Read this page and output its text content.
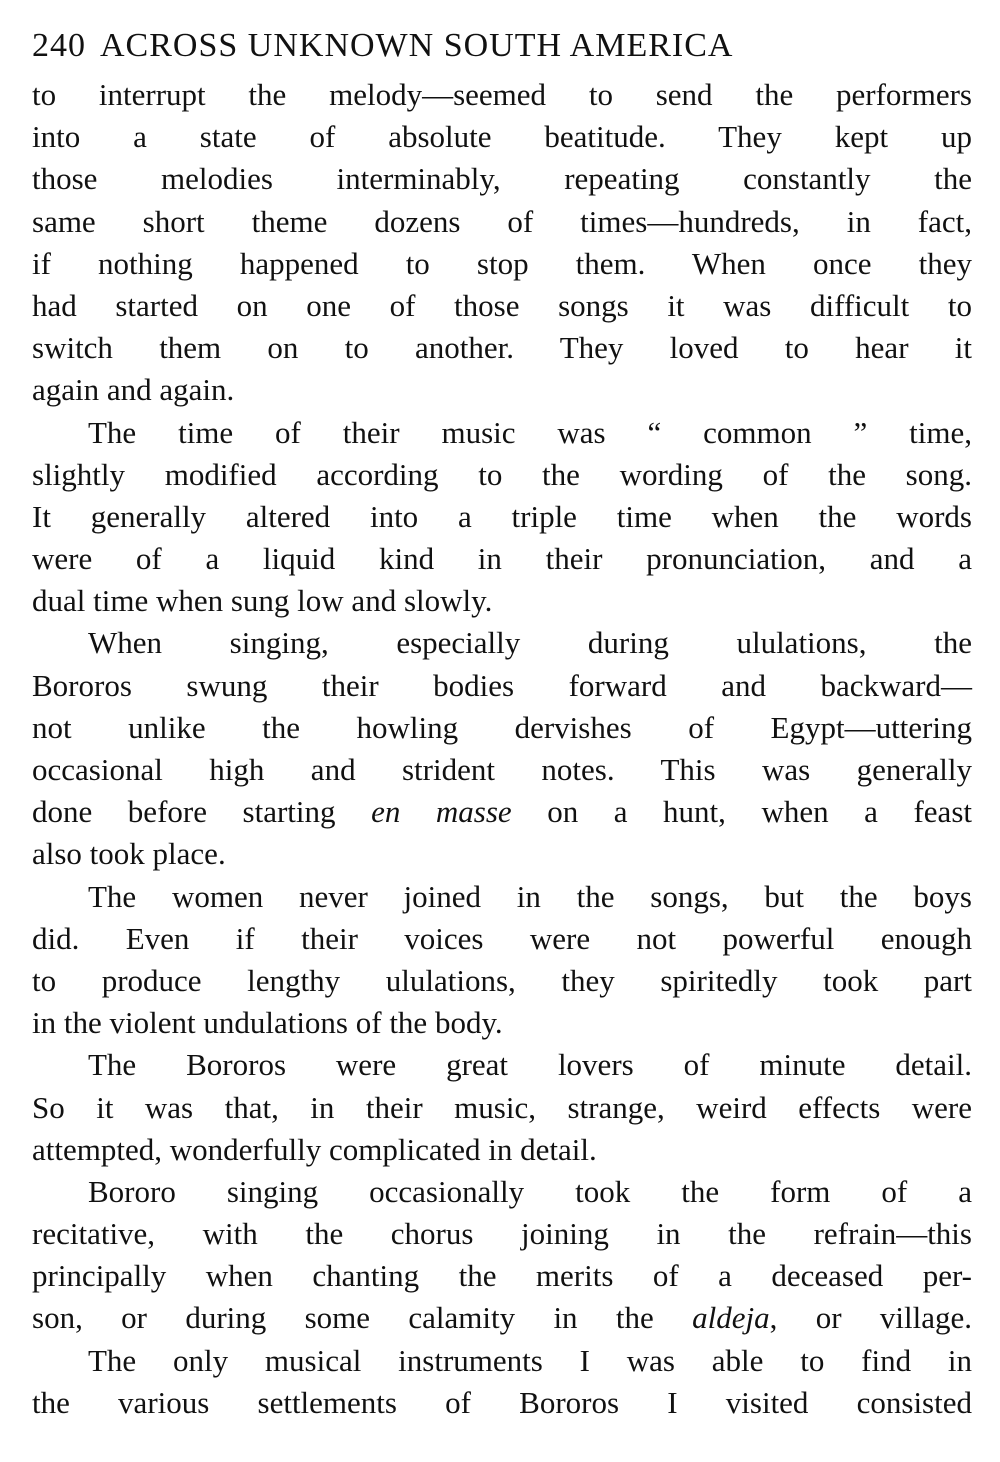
240 ACROSS UNKNOWN SOUTH AMERICA
to interrupt the melody—seemed to send the performers
into a state of absolute beatitude. They kept up
those melodies interminably, repeating constantly the
same short theme dozens of times—hundreds, in fact,
if nothing happened to stop them. When once they
had started on one of those songs it was difficult to
switch them on to another. They loved to hear it
again and again.
The time of their music was “ common ” time,
slightly modified according to the wording of the song.
It generally altered into a triple time when the words
were of a liquid kind in their pronunciation, and a
dual time when sung low and slowly.
When singing, especially during ululations, the
Bororos swung their bodies forward and backward—
not unlike the howling dervishes of Egypt—uttering
occasional high and strident notes. This was generally
done before starting en masse on a hunt, when a feast
also took place.
The women never joined in the songs, but the boys
did. Even if their voices were not powerful enough
to produce lengthy ululations, they spiritedly took part
in the violent undulations of the body.
The Bororos were great lovers of minute detail.
So it was that, in their music, strange, weird effects were
attempted, wonderfully complicated in detail.
Bororo singing occasionally took the form of a
recitative, with the chorus joining in the refrain—this
principally when chanting the merits of a deceased per-
son, or during some calamity in the aldeja, or village.
The only musical instruments I was able to find in
the various settlements of Bororos I visited consisted
